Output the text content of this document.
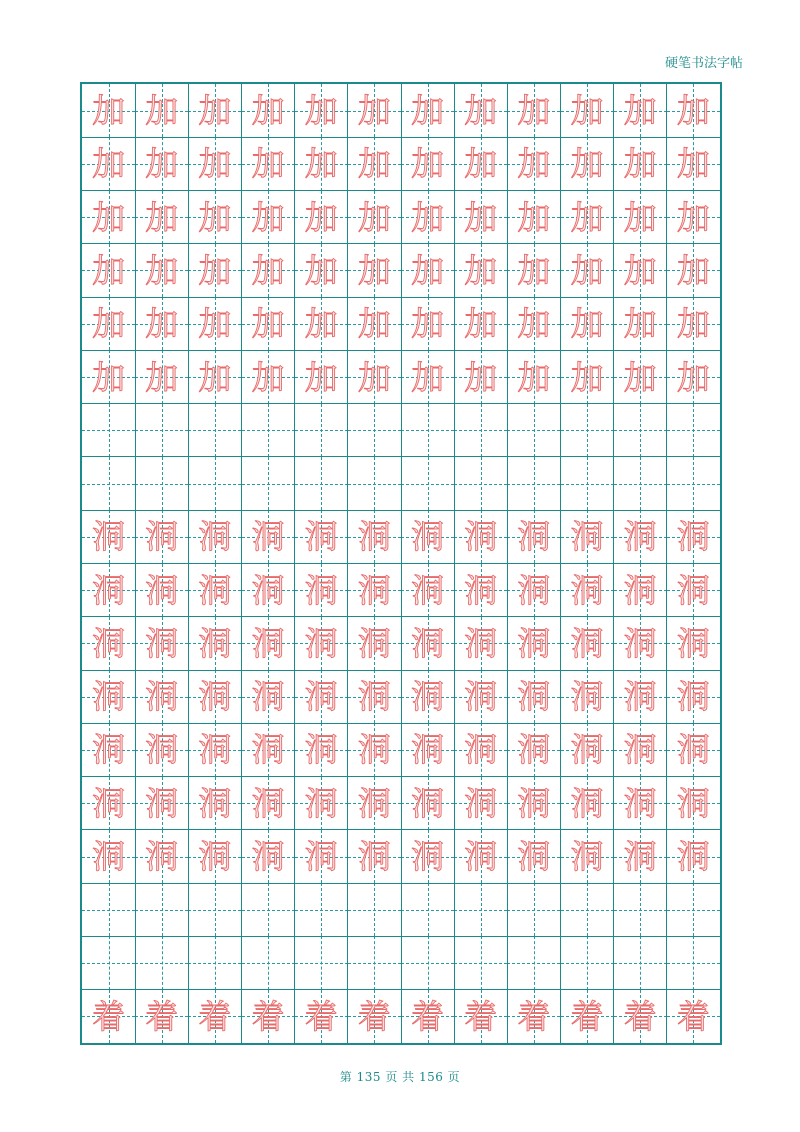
硬笔书法字帖
加 加 加 加 加 加 加 加 加 加 加 加
加 加 加 加 加 加 加 加 加 加 加 加
加 加 加 加 加 加 加 加 加 加 加 加
加 加 加 加 加 加 加 加 加 加 加 加
加 加 加 加 加 加 加 加 加 加 加 加
加 加 加 加 加 加 加 加 加 加 加 加
洞 洞 洞 洞 洞 洞 洞 洞 洞 洞 洞 洞
洞 洞 洞 洞 洞 洞 洞 洞 洞 洞 洞 洞
洞 洞 洞 洞 洞 洞 洞 洞 洞 洞 洞 洞
洞 洞 洞 洞 洞 洞 洞 洞 洞 洞 洞 洞
洞 洞 洞 洞 洞 洞 洞 洞 洞 洞 洞 洞
洞 洞 洞 洞 洞 洞 洞 洞 洞 洞 洞 洞
洞 洞 洞 洞 洞 洞 洞 洞 洞 洞 洞 洞
着 着 着 着 着 着 着 着 着 着 着 着
第 135 页 共 156 页
